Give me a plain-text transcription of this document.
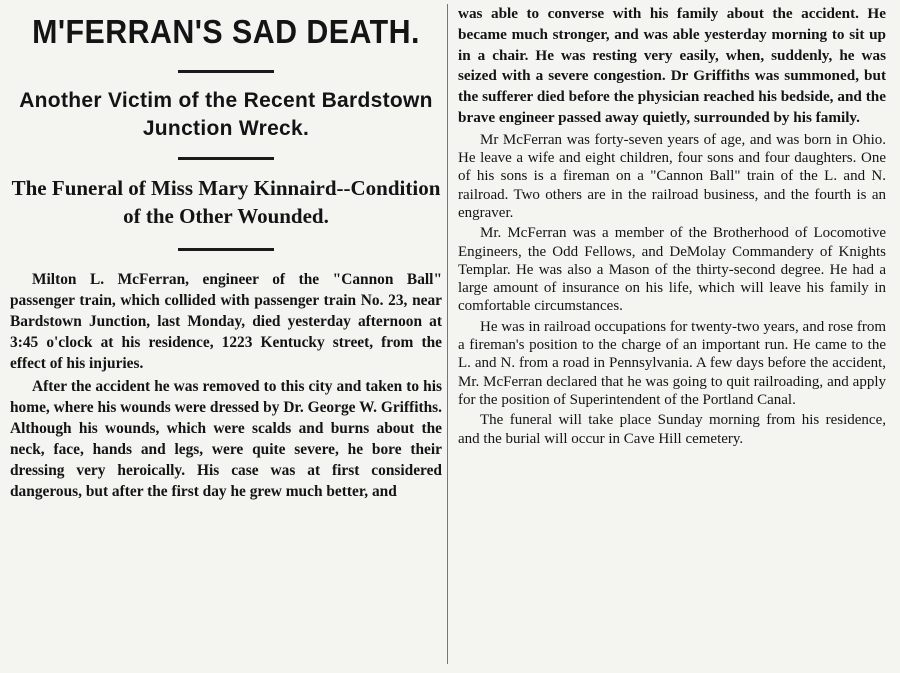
M'FERRAN'S SAD DEATH.
Another Victim of the Recent Bardstown Junction Wreck.
The Funeral of Miss Mary Kinnaird--Condition of the Other Wounded.

Milton L. McFerran, engineer of the "Cannon Ball" passenger train, which collided with passenger train No. 23, near Bardstown Junction, last Monday, died yesterday afternoon at 3:45 o'clock at his residence, 1223 Kentucky street, from the effect of his injuries.

After the accident he was removed to this city and taken to his home, where his wounds were dressed by Dr. George W. Griffiths. Although his wounds, which were scalds and burns about the neck, face, hands and legs, were quite severe, he bore their dressing very heroically. His case was at first considered dangerous, but after the first day he grew much better, and

was able to converse with his family about the accident. He became much stronger, and was able yesterday morning to sit up in a chair. He was resting very easily, when, suddenly, he was seized with a severe congestion. Dr Griffiths was summoned, but the sufferer died before the physician reached his bedside, and the brave engineer passed away quietly, surrounded by his family.

Mr McFerran was forty-seven years of age, and was born in Ohio. He leave a wife and eight children, four sons and four daughters. One of his sons is a fireman on a "Cannon Ball" train of the L. and N. railroad. Two others are in the railroad business, and the fourth is an engraver.

Mr. McFerran was a member of the Brotherhood of Locomotive Engineers, the Odd Fellows, and DeMolay Commandery of Knights Templar. He was also a Mason of the thirty-second degree. He had a large amount of insurance on his life, which will leave his family in comfortable circumstances.

He was in railroad occupations for twenty-two years, and rose from a fireman's position to the charge of an important run. He came to the L. and N. from a road in Pennsylvania. A few days before the accident, Mr. McFerran declared that he was going to quit railroading, and apply for the position of Superintendent of the Portland Canal.

The funeral will take place Sunday morning from his residence, and the burial will occur in Cave Hill cemetery.
